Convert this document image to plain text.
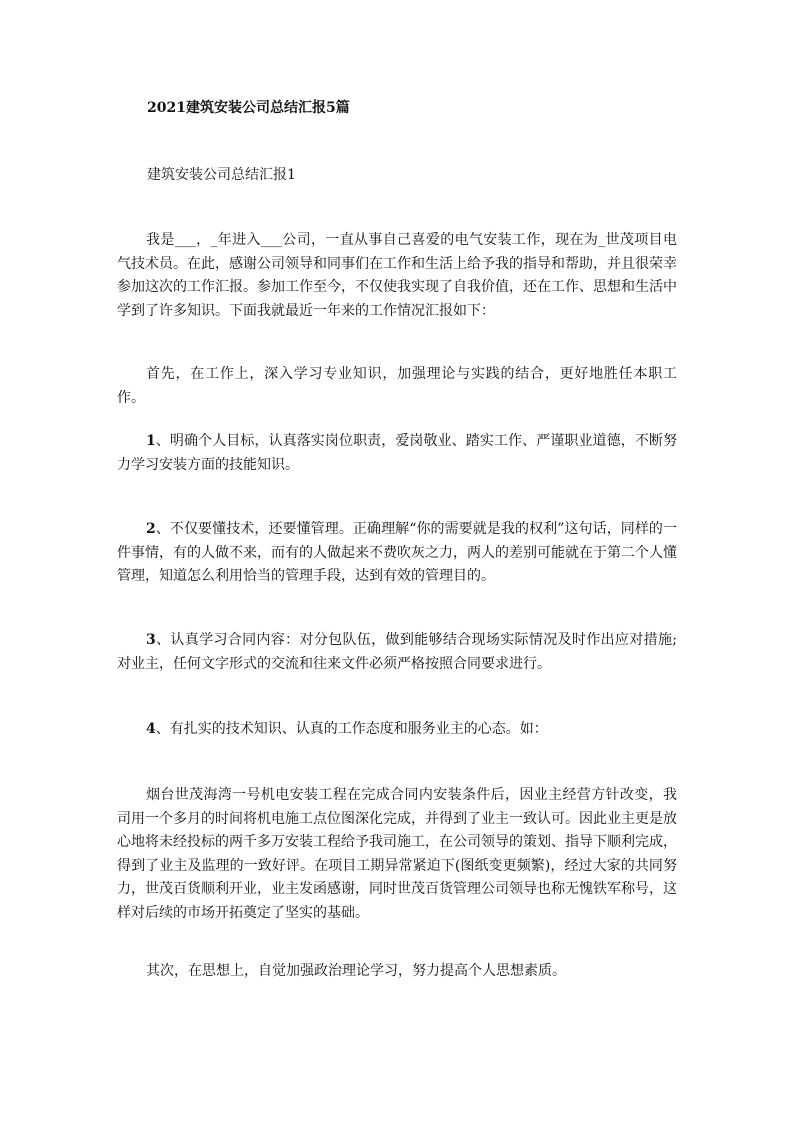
2021建筑安装公司总结汇报5篇
建筑安装公司总结汇报1

我是___，_年进入___公司，一直从事自己喜爱的电气安装工作，现在为_世茂项目电气技术员。在此，感谢公司领导和同事们在工作和生活上给予我的指导和帮助，并且很荣幸参加这次的工作汇报。参加工作至今，不仅使我实现了自我价值，还在工作、思想和生活中学到了许多知识。下面我就最近一年来的工作情况汇报如下：

首先，在工作上，深入学习专业知识，加强理论与实践的结合，更好地胜任本职工作。

1、明确个人目标，认真落实岗位职责，爱岗敬业、踏实工作、严谨职业道德，不断努力学习安装方面的技能知识。

2、不仅要懂技术，还要懂管理。正确理解“你的需要就是我的权利”这句话，同样的一件事情，有的人做不来，而有的人做起来不费吹灰之力，两人的差别可能就在于第二个人懂管理，知道怎么利用恰当的管理手段，达到有效的管理目的。

3、认真学习合同内容：对分包队伍，做到能够结合现场实际情况及时作出应对措施;对业主，任何文字形式的交流和往来文件必须严格按照合同要求进行。

4、有扎实的技术知识、认真的工作态度和服务业主的心态。如：

烟台世茂海湾一号机电安装工程在完成合同内安装条件后，因业主经营方针改变，我司用一个多月的时间将机电施工点位图深化完成，并得到了业主一致认可。因此业主更是放心地将未经投标的两千多万安装工程给予我司施工，在公司领导的策划、指导下顺利完成，得到了业主及监理的一致好评。在项目工期异常紧迫下(图纸变更频繁)，经过大家的共同努力，世茂百货顺利开业，业主发函感谢，同时世茂百货管理公司领导也称无愧铁军称号，这样对后续的市场开拓奠定了坚实的基础。

其次，在思想上，自觉加强政治理论学习，努力提高个人思想素质。
